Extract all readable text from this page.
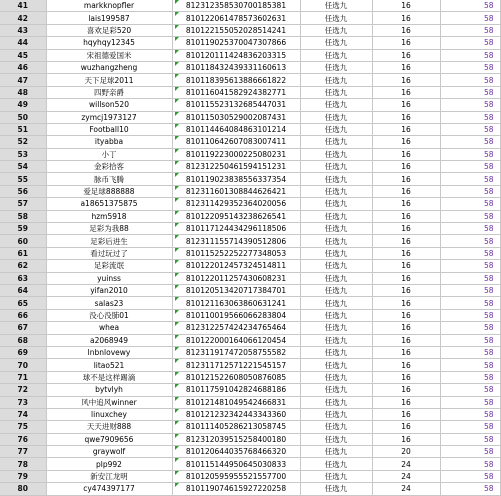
41	markknopfler	812312358530700185381	任选九	16	58
42	lais199587	810122061478573602631	任选九	16	58
43	喜欢足彩520	810122155052028514241	任选九	16	58
44	hqyhqy12345	810119025370047307866	任选九	16	58
45	宋祖德爱国米	810120111424836203315	任选九	16	58
46	wuzhangzheng	810118432439331160613	任选九	16	58
47	天下足球2011	810118395613886661822	任选九	16	58
48	四野亲爵	810116041582924382771	任选九	16	58
49	willson520	810115523132685447031	任选九	16	58
50	zymcj1973127	810115030529002087431	任选九	16	58
51	Football10	810114464084863101214	任选九	16	58
52	ityabba	810110642607083007411	任选九	16	58
53	小丁	810119223000225080231	任选九	16	58
54	金彩拾客	812312250461594151231	任选九	16	58
55	脉币飞腾	810119023838556337354	任选九	16	58
56	爱足球888888	812311601308844626421	任选九	16	58
57	a18651375875	812311429352364020056	任选九	16	58
58	hzm5918	810122095143238626541	任选九	16	58
59	足彩为我88	810117124434296118506	任选九	16	58
60	足彩后进生	812311155714390512806	任选九	16	58
61	看过玩过了	810115252252277348053	任选九	16	58
62	足彩流氓	810122012457324514811	任选九	16	58
63	yuinss	810122011257430608231	任选九	16	58
64	yifan2010	810120513420717384701	任选九	16	58
65	salas23	810121163063860631241	任选九	16	58
66	没心没肺01	810110019566066283804	任选九	16	58
67	whea	812312257424234765464	任选九	16	58
68	a2068949	810122000164066120454	任选九	16	58
69	lnbnlovewy	812311917472058755582	任选九	16	58
70	litao521	812311712571221545157	任选九	16	58
71	球不是这样踢滴	810121522608050876085	任选九	16	58
72	bytvlyh	810117591042824688186	任选九	16	58
73	风中追风winner	810121481049542466831	任选九	16	58
74	linuxchey	810121232342443343360	任选九	16	58
75	天天进财888	810111405286213058745	任选九	16	58
76	qwe7909656	812312039515258400180	任选九	16	58
77	graywolf	810120644035768466320	任选九	20	58
78	plp992	810115144950645030833	任选九	24	58
79	新安江龙明	810120595955521557700	任选九	24	58
80	cy474397177	810119074615927220258	任选九	24	58
